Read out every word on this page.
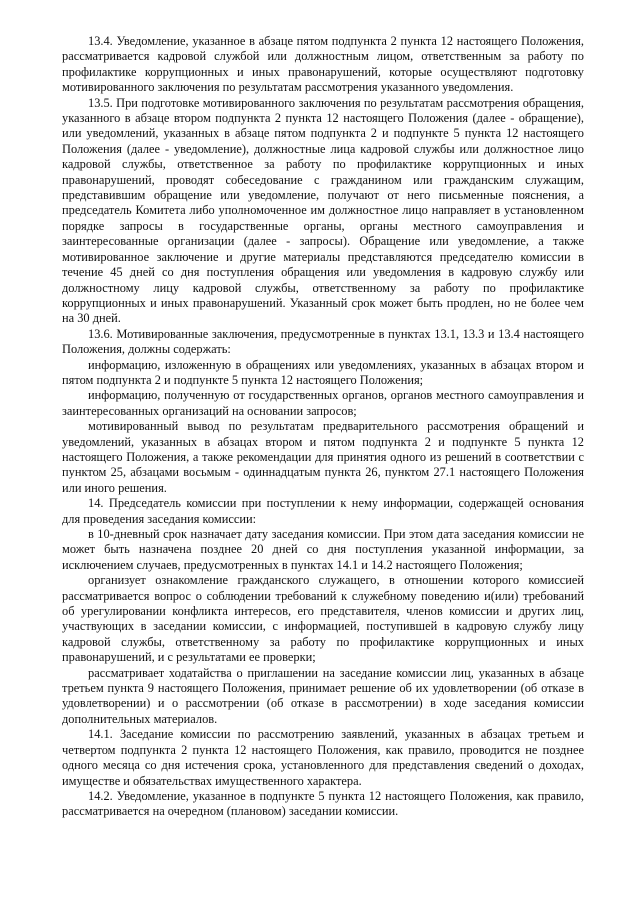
13.4. Уведомление, указанное в абзаце пятом подпункта 2 пункта 12 настоящего Положения, рассматривается кадровой службой или должностным лицом, ответственным за работу по профилактике коррупционных и иных правонарушений, которые осуществляют подготовку мотивированного заключения по результатам рассмотрения указанного уведомления.

13.5. При подготовке мотивированного заключения по результатам рассмотрения обращения, указанного в абзаце втором подпункта 2 пункта 12 настоящего Положения (далее - обращение), или уведомлений, указанных в абзаце пятом подпункта 2 и подпункте 5 пункта 12 настоящего Положения (далее - уведомление), должностные лица кадровой службы или должностное лицо кадровой службы, ответственное за работу по профилактике коррупционных и иных правонарушений, проводят собеседование с гражданином или гражданским служащим, представившим обращение или уведомление, получают от него письменные пояснения, а председатель Комитета либо уполномоченное им должностное лицо направляет в установленном порядке запросы в государственные органы, органы местного самоуправления и заинтересованные организации (далее - запросы). Обращение или уведомление, а также мотивированное заключение и другие материалы представляются председателю комиссии в течение 45 дней со дня поступления обращения или уведомления в кадровую службу или должностному лицу кадровой службы, ответственному за работу по профилактике коррупционных и иных правонарушений. Указанный срок может быть продлен, но не более чем на 30 дней.

13.6. Мотивированные заключения, предусмотренные в пунктах 13.1, 13.3 и 13.4 настоящего Положения, должны содержать:

информацию, изложенную в обращениях или уведомлениях, указанных в абзацах втором и пятом подпункта 2 и подпункте 5 пункта 12 настоящего Положения;

информацию, полученную от государственных органов, органов местного самоуправления и заинтересованных организаций на основании запросов;

мотивированный вывод по результатам предварительного рассмотрения обращений и уведомлений, указанных в абзацах втором и пятом подпункта 2 и подпункте 5 пункта 12 настоящего Положения, а также рекомендации для принятия одного из решений в соответствии с пунктом 25, абзацами восьмым - одиннадцатым пункта 26, пунктом 27.1 настоящего Положения или иного решения.

14. Председатель комиссии при поступлении к нему информации, содержащей основания для проведения заседания комиссии:

в 10-дневный срок назначает дату заседания комиссии. При этом дата заседания комиссии не может быть назначена позднее 20 дней со дня поступления указанной информации, за исключением случаев, предусмотренных в пунктах 14.1 и 14.2 настоящего Положения;

организует ознакомление гражданского служащего, в отношении которого комиссией рассматривается вопрос о соблюдении требований к служебному поведению и(или) требований об урегулировании конфликта интересов, его представителя, членов комиссии и других лиц, участвующих в заседании комиссии, с информацией, поступившей в кадровую службу лицу кадровой службы, ответственному за работу по профилактике коррупционных и иных правонарушений, и с результатами ее проверки;

рассматривает ходатайства о приглашении на заседание комиссии лиц, указанных в абзаце третьем пункта 9 настоящего Положения, принимает решение об их удовлетворении (об отказе в удовлетворении) и о рассмотрении (об отказе в рассмотрении) в ходе заседания комиссии дополнительных материалов.

14.1. Заседание комиссии по рассмотрению заявлений, указанных в абзацах третьем и четвертом подпункта 2 пункта 12 настоящего Положения, как правило, проводится не позднее одного месяца со дня истечения срока, установленного для представления сведений о доходах, имуществе и обязательствах имущественного характера.

14.2. Уведомление, указанное в подпункте 5 пункта 12 настоящего Положения, как правило, рассматривается на очередном (плановом) заседании комиссии.
